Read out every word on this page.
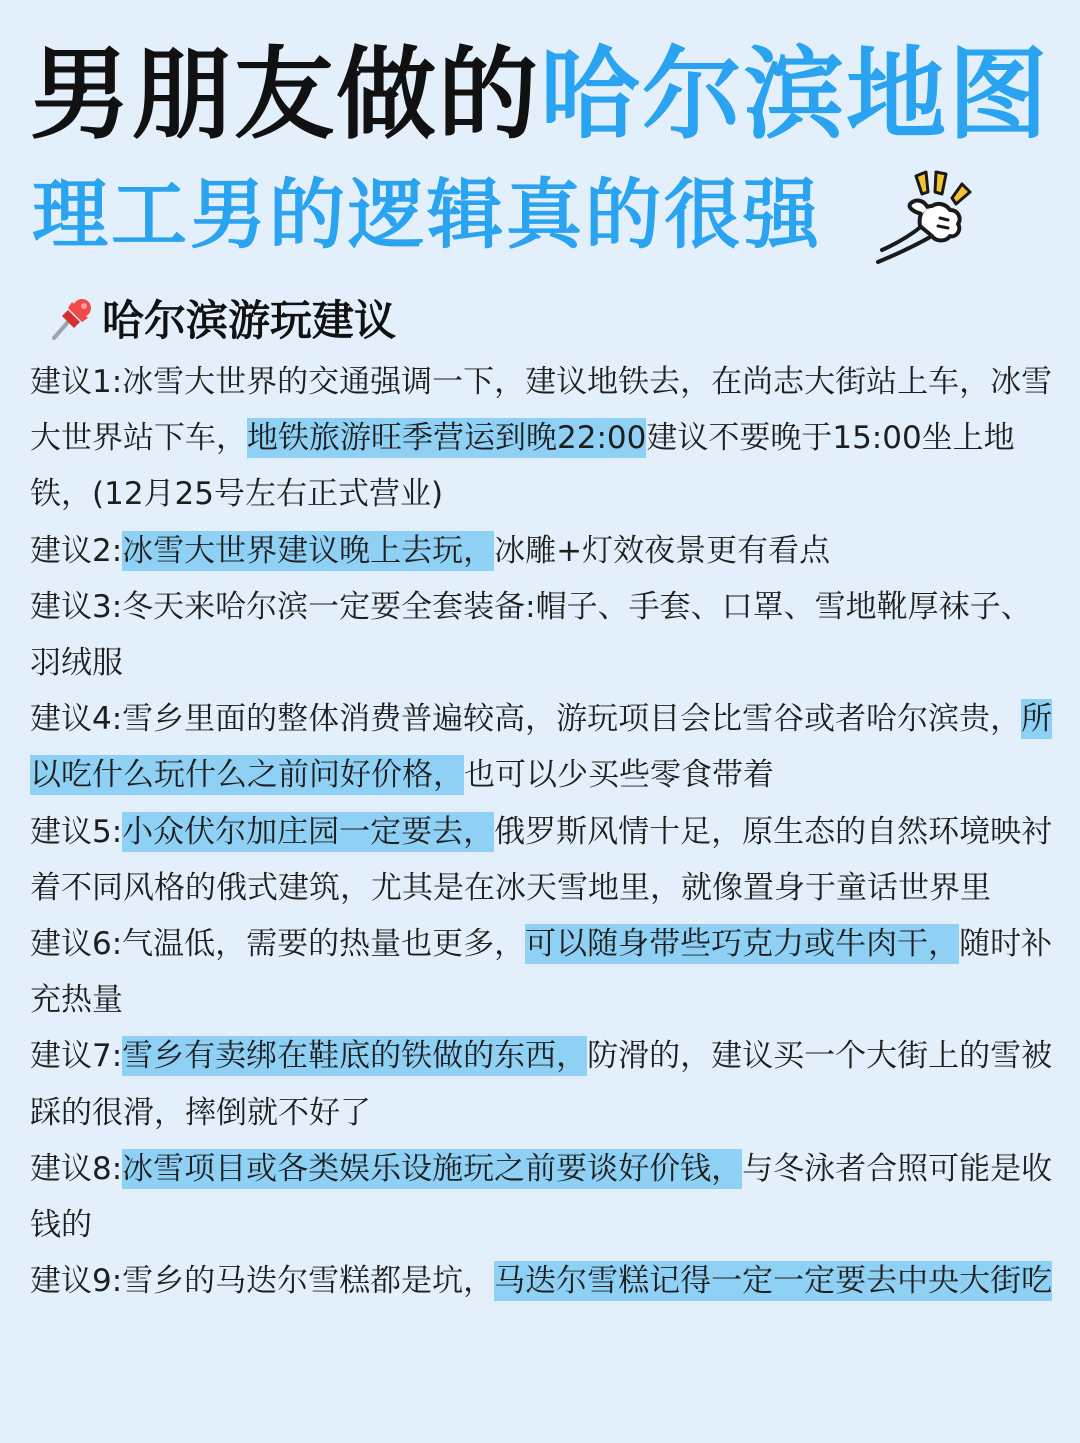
男朋友做的哈尔滨地图
理工男的逻辑真的很强
哈尔滨游玩建议

建议1:冰雪大世界的交通强调一下，建议地铁去，在尚志大街站上车，冰雪大世界站下车，地铁旅游旺季营运到晚22:00建议不要晚于15:00坐上地铁，(12月25号左右正式营业)

建议2:冰雪大世界建议晚上去玩，冰雕+灯效夜景更有看点

建议3:冬天来哈尔滨一定要全套装备:帽子、手套、口罩、雪地靴厚袜子、羽绒服

建议4:雪乡里面的整体消费普遍较高，游玩项目会比雪谷或者哈尔滨贵，所以吃什么玩什么之前问好价格，也可以少买些零食带着

建议5:小众伏尔加庄园一定要去，俄罗斯风情十足，原生态的自然环境映衬着不同风格的俄式建筑，尤其是在冰天雪地里，就像置身于童话世界里

建议6:气温低，需要的热量也更多，可以随身带些巧克力或牛肉干，随时补充热量

建议7:雪乡有卖绑在鞋底的铁做的东西，防滑的，建议买一个大街上的雪被踩的很滑，摔倒就不好了

建议8:冰雪项目或各类娱乐设施玩之前要谈好价钱，与冬泳者合照可能是收钱的

建议9:雪乡的马迭尔雪糕都是坑，马迭尔雪糕记得一定一定要去中央大街吃
